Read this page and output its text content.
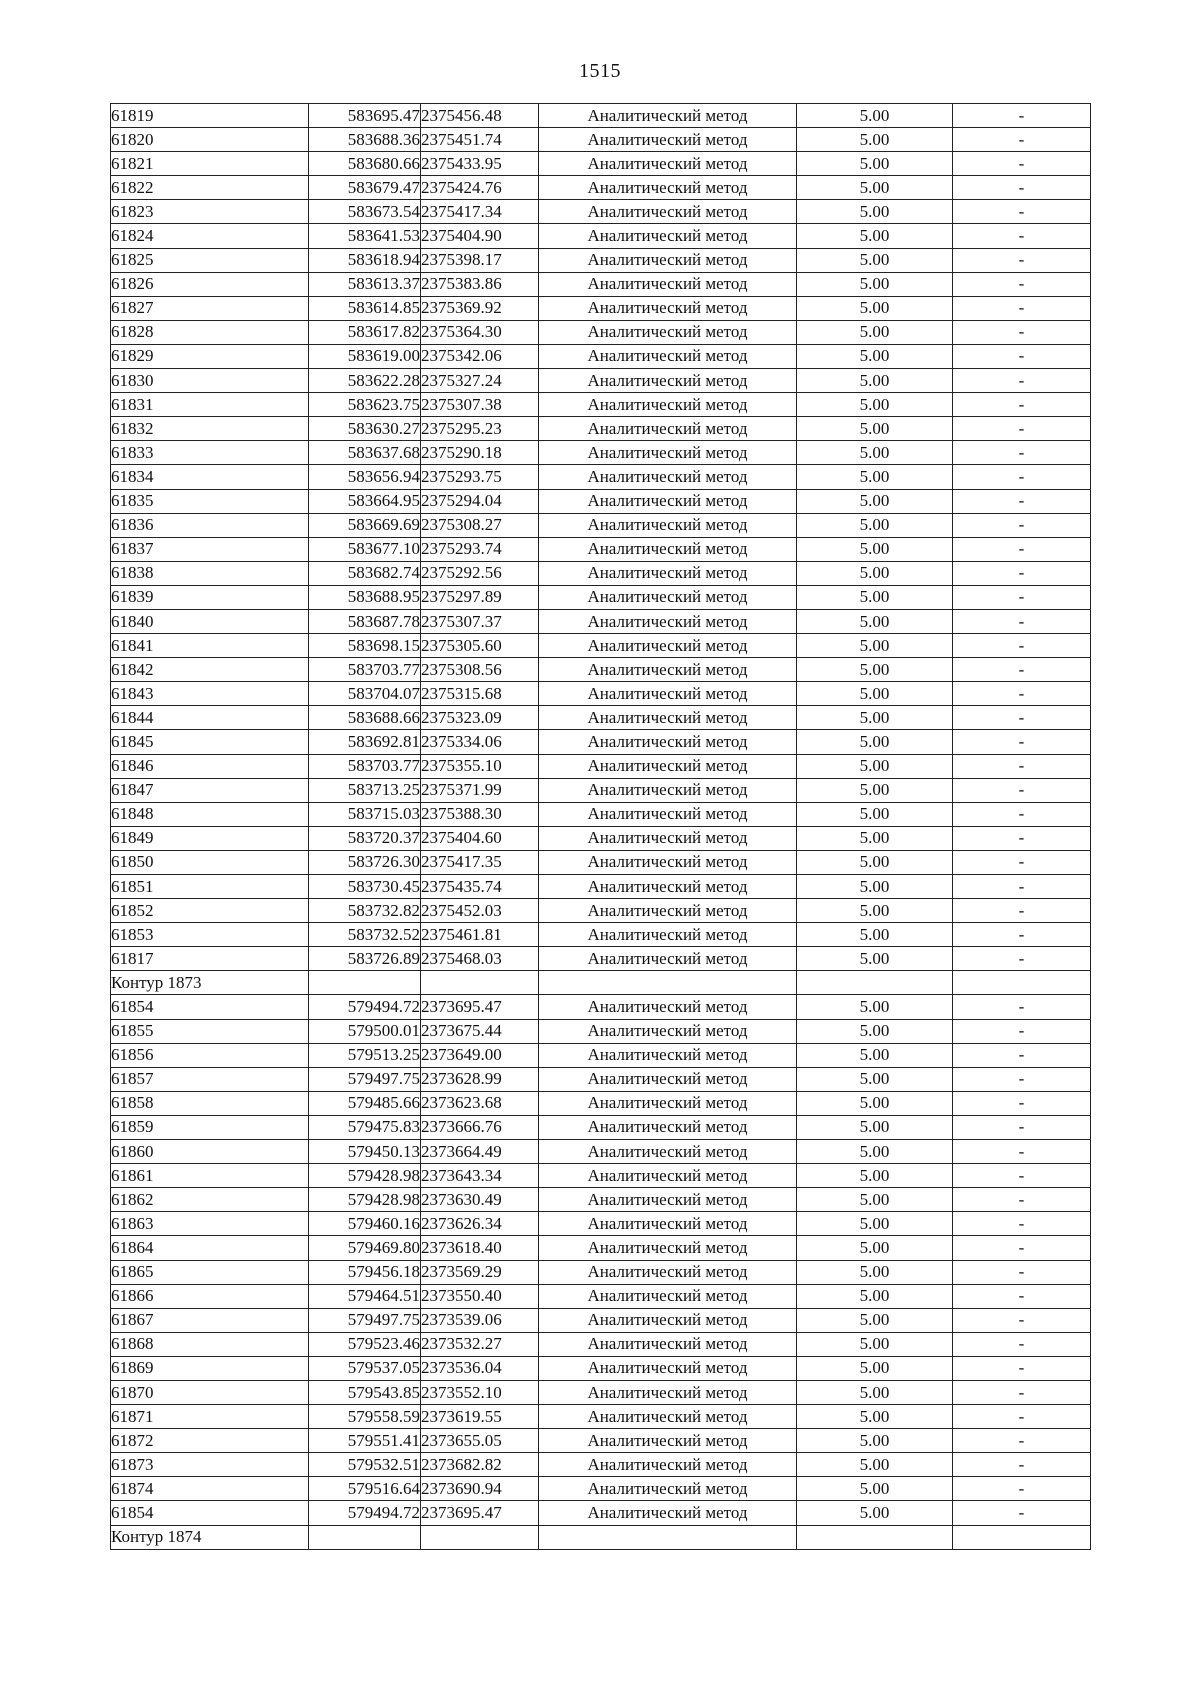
1515
61819	583695.47	2375456.48	Аналитический метод	5.00	-
61820	583688.36	2375451.74	Аналитический метод	5.00	-
61821	583680.66	2375433.95	Аналитический метод	5.00	-
61822	583679.47	2375424.76	Аналитический метод	5.00	-
61823	583673.54	2375417.34	Аналитический метод	5.00	-
61824	583641.53	2375404.90	Аналитический метод	5.00	-
61825	583618.94	2375398.17	Аналитический метод	5.00	-
61826	583613.37	2375383.86	Аналитический метод	5.00	-
61827	583614.85	2375369.92	Аналитический метод	5.00	-
61828	583617.82	2375364.30	Аналитический метод	5.00	-
61829	583619.00	2375342.06	Аналитический метод	5.00	-
61830	583622.28	2375327.24	Аналитический метод	5.00	-
61831	583623.75	2375307.38	Аналитический метод	5.00	-
61832	583630.27	2375295.23	Аналитический метод	5.00	-
61833	583637.68	2375290.18	Аналитический метод	5.00	-
61834	583656.94	2375293.75	Аналитический метод	5.00	-
61835	583664.95	2375294.04	Аналитический метод	5.00	-
61836	583669.69	2375308.27	Аналитический метод	5.00	-
61837	583677.10	2375293.74	Аналитический метод	5.00	-
61838	583682.74	2375292.56	Аналитический метод	5.00	-
61839	583688.95	2375297.89	Аналитический метод	5.00	-
61840	583687.78	2375307.37	Аналитический метод	5.00	-
61841	583698.15	2375305.60	Аналитический метод	5.00	-
61842	583703.77	2375308.56	Аналитический метод	5.00	-
61843	583704.07	2375315.68	Аналитический метод	5.00	-
61844	583688.66	2375323.09	Аналитический метод	5.00	-
61845	583692.81	2375334.06	Аналитический метод	5.00	-
61846	583703.77	2375355.10	Аналитический метод	5.00	-
61847	583713.25	2375371.99	Аналитический метод	5.00	-
61848	583715.03	2375388.30	Аналитический метод	5.00	-
61849	583720.37	2375404.60	Аналитический метод	5.00	-
61850	583726.30	2375417.35	Аналитический метод	5.00	-
61851	583730.45	2375435.74	Аналитический метод	5.00	-
61852	583732.82	2375452.03	Аналитический метод	5.00	-
61853	583732.52	2375461.81	Аналитический метод	5.00	-
61817	583726.89	2375468.03	Аналитический метод	5.00	-
Контур 1873					
61854	579494.72	2373695.47	Аналитический метод	5.00	-
61855	579500.01	2373675.44	Аналитический метод	5.00	-
61856	579513.25	2373649.00	Аналитический метод	5.00	-
61857	579497.75	2373628.99	Аналитический метод	5.00	-
61858	579485.66	2373623.68	Аналитический метод	5.00	-
61859	579475.83	2373666.76	Аналитический метод	5.00	-
61860	579450.13	2373664.49	Аналитический метод	5.00	-
61861	579428.98	2373643.34	Аналитический метод	5.00	-
61862	579428.98	2373630.49	Аналитический метод	5.00	-
61863	579460.16	2373626.34	Аналитический метод	5.00	-
61864	579469.80	2373618.40	Аналитический метод	5.00	-
61865	579456.18	2373569.29	Аналитический метод	5.00	-
61866	579464.51	2373550.40	Аналитический метод	5.00	-
61867	579497.75	2373539.06	Аналитический метод	5.00	-
61868	579523.46	2373532.27	Аналитический метод	5.00	-
61869	579537.05	2373536.04	Аналитический метод	5.00	-
61870	579543.85	2373552.10	Аналитический метод	5.00	-
61871	579558.59	2373619.55	Аналитический метод	5.00	-
61872	579551.41	2373655.05	Аналитический метод	5.00	-
61873	579532.51	2373682.82	Аналитический метод	5.00	-
61874	579516.64	2373690.94	Аналитический метод	5.00	-
61854	579494.72	2373695.47	Аналитический метод	5.00	-
Контур 1874					
